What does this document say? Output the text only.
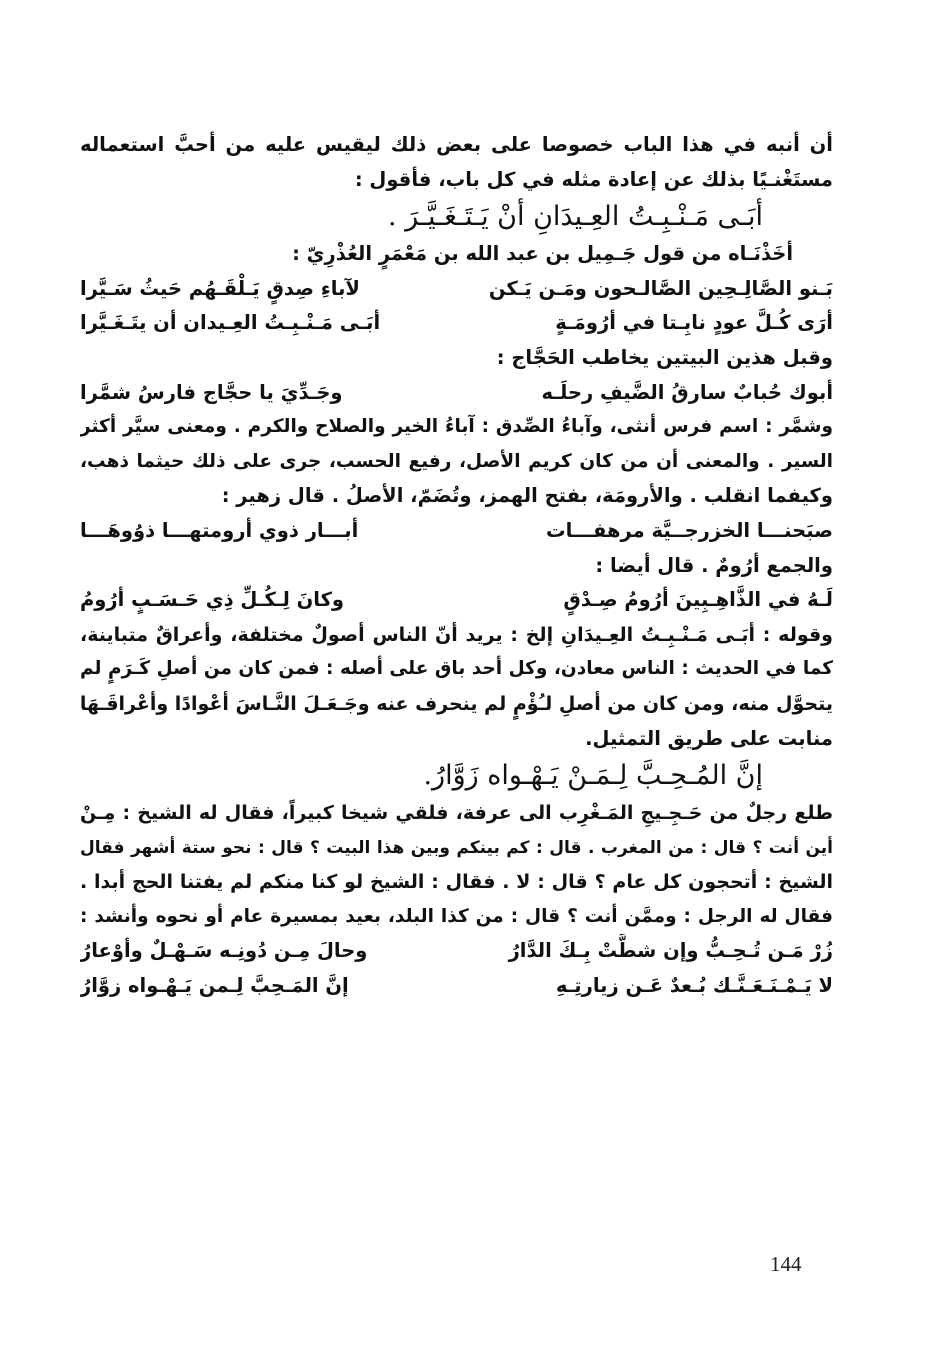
أن أنبه في هذا الباب خصوصا على بعض ذلك ليقيس عليه من أحبَّ استعماله
مستَغْنـيًا بذلك عن إعادة مثله في كل باب، فأقول :
أبَـى مَـنْـبِـتُ العِـيدَانِ أنْ يَـتَـغَـيَّـرَ .
أخَذْنَـاه من قول جَـمِيل بن عبد الله بن مَعْمَرٍ العُذْرِيّ :
بَـنو الصَّالِـحِين الصَّالـحون ومَـن يَـكن
لآباءِ صِدقٍ يَـلْقَـهُم حَيثُ سَـيَّرا
أرَى كُـلَّ عودٍ نابِـتا في أرُومَـةٍ
أبَـى مَـنْـبِـتُ العِـيدان أن يتَـغَـيَّرا
وقبل هذين البيتين يخاطب الحَجَّاج :
أبوك حُبابٌ سارقُ الضَّيفِ رحلَـه
وجَـدِّيَ يا حجَّاج فارسُ شمَّرا
وشمَّر : اسم فرس أنثى، وآباءُ الصِّدق : آباءُ الخير والصلاح والكرم . ومعنى سيَّر أكثر
السير . والمعنى أن من كان كريم الأصل، رفيع الحسب، جرى على ذلك حيثما ذهب،
وكيفما انقلب . والأرومَة، بفتح الهمز، وتُضَمّ، الأصلُ . قال زهير :
صبَحنـــا الخزرجــيَّة مرهفـــات
أبـــار ذوي أرومتهـــا ذوُوهَـــا
والجمع أرُومٌ . قال أيضا :
لَـهُ في الذَّاهِـبِينَ أرُومُ صِـدْقٍ
وكانَ لِـكُـلِّ ذِي حَـسَـبٍ أرُومُ
وقوله : أبَـى مَـنْـبِـتُ العِـيدَانِ إلخ : يريد أنّ الناس أصولٌ مختلفة، وأعراقٌ متباينة،
كما في الحديث : الناس معادن، وكل أحد باق على أصله : فمن كان من أصلِ كَـرَمٍ لم
يتحوَّل منه، ومن كان من أصلِ لـُؤْمٍ لم ينحرف عنه وجَـعَـلَ النَّـاسَ أعْوادًا وأعْراقَـهَا
منابت على طريق التمثيل.
إنَّ المُـحِـبَّ لِـمَـنْ يَـهْـواه زَوَّارُ.
طلع رجلٌ من حَـجِـيجِ المَـغْرِب الى عرفة، فلقي شيخا كبيراً، فقال له الشيخ : مِـنْ
أين أنت ؟ قال : من المغرب . قال : كم بينكم وبين هذا البيت ؟ قال : نحو ستة أشهر فقال
الشيخ : أتحجون كل عام ؟ قال : لا . فقال : الشيخ لو كنا منكم لم يفتنا الحج أبدا .
فقال له الرجل : وممَّن أنت ؟ قال : من كذا البلد، بعيد بمسيرة عام أو نحوه وأنشد :
زُرْ مَـن تُـحِـبُّ وإن شطَّتْ بِـكَ الدَّارُ
وحالَ مِـن دُونِـه سَـهْـلٌ وأوْعارُ
لا يَـمْـنَـعَـنَّـك بُـعدٌ عَـن زيارتِـهِ
إنَّ المَـحِبَّ لِـمن يَـهْـواه زوَّارُ
144
